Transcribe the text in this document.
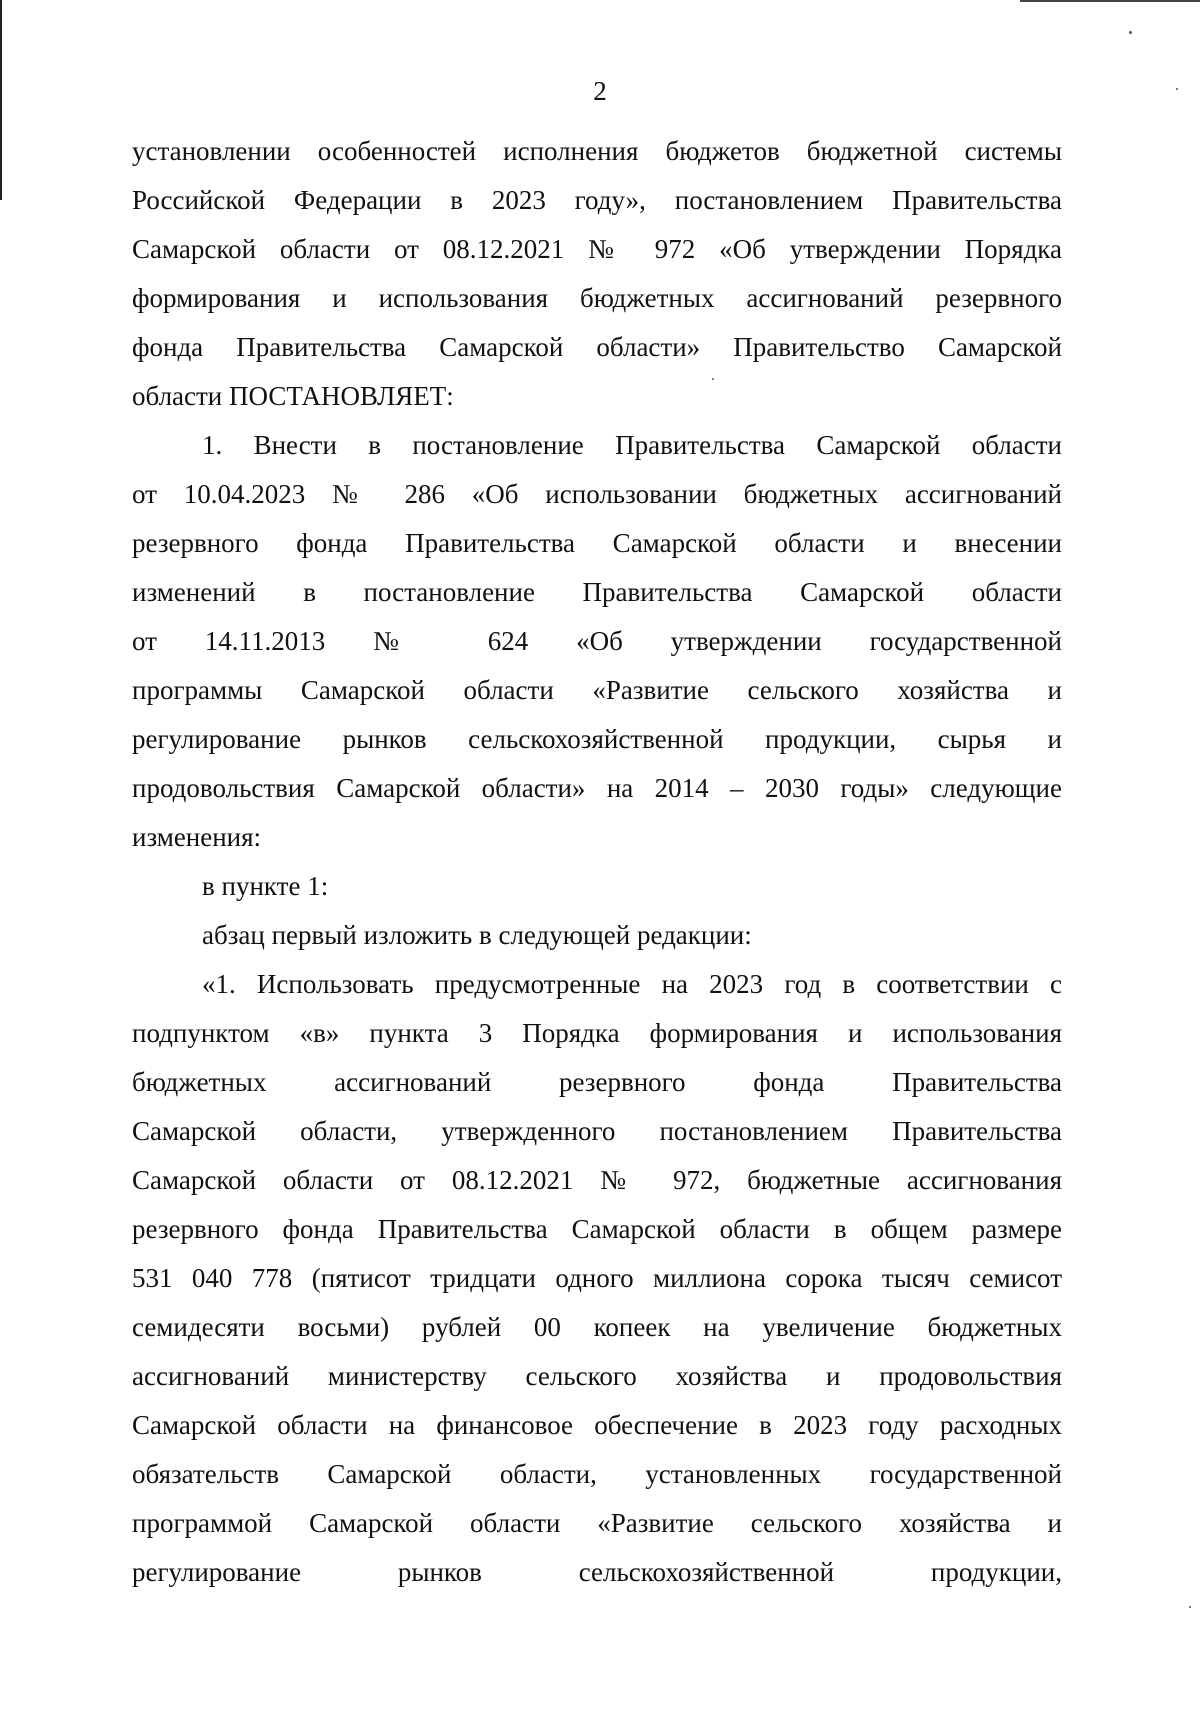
2
установлении особенностей исполнения бюджетов бюджетной системы
Российской Федерации в 2023 году», постановлением Правительства
Самарской области от 08.12.2021 № 972 «Об утверждении Порядка
формирования и использования бюджетных ассигнований резервного
фонда Правительства Самарской области» Правительство Самарской
области ПОСТАНОВЛЯЕТ:
1. Внести в постановление Правительства Самарской области
от 10.04.2023 № 286 «Об использовании бюджетных ассигнований
резервного фонда Правительства Самарской области и внесении
изменений в постановление Правительства Самарской области
от 14.11.2013 № 624 «Об утверждении государственной
программы Самарской области «Развитие сельского хозяйства и
регулирование рынков сельскохозяйственной продукции, сырья и
продовольствия Самарской области» на 2014 – 2030 годы» следующие
изменения:
в пункте 1:
абзац первый изложить в следующей редакции:
«1. Использовать предусмотренные на 2023 год в соответствии с
подпунктом «в» пункта 3 Порядка формирования и использования
бюджетных ассигнований резервного фонда Правительства
Самарской области, утвержденного постановлением Правительства
Самарской области от 08.12.2021 № 972, бюджетные ассигнования
резервного фонда Правительства Самарской области в общем размере
531 040 778 (пятисот тридцати одного миллиона сорока тысяч семисот
семидесяти восьми) рублей 00 копеек на увеличение бюджетных
ассигнований министерству сельского хозяйства и продовольствия
Самарской области на финансовое обеспечение в 2023 году расходных
обязательств Самарской области, установленных государственной
программой Самарской области «Развитие сельского хозяйства и
регулирование рынков сельскохозяйственной продукции,
